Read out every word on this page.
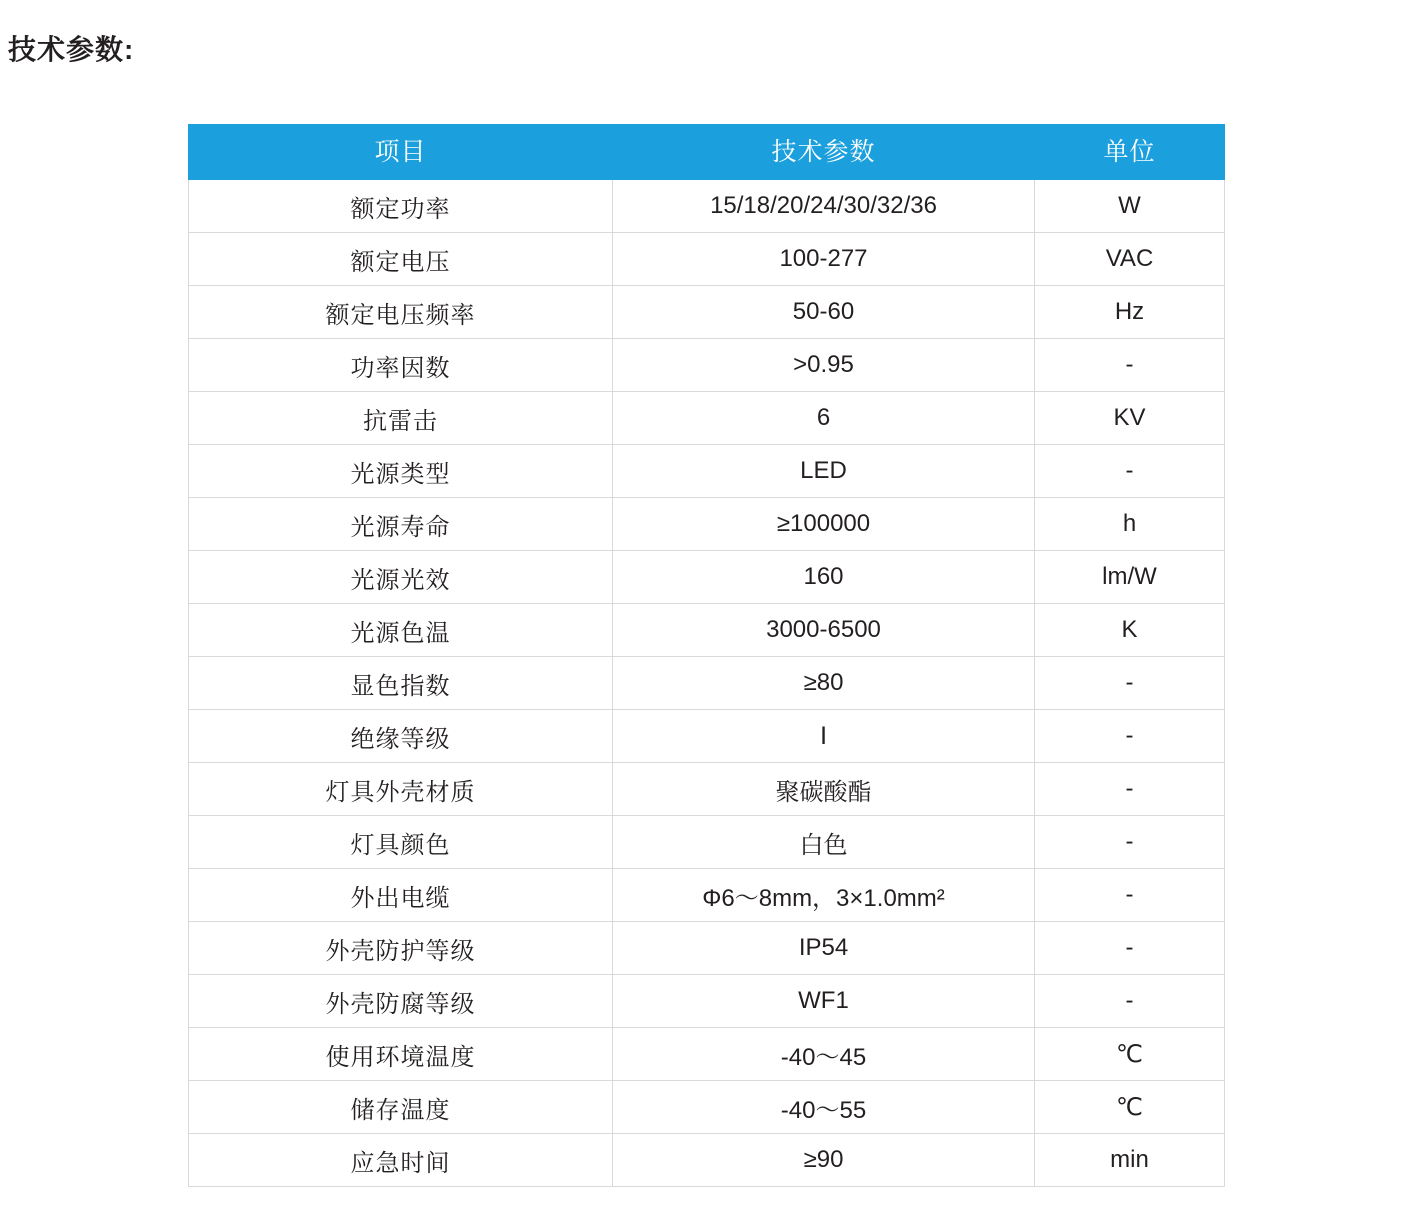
技术参数:
项目	技术参数	单位
额定功率	15/18/20/24/30/32/36	W
额定电压	100-277	VAC
额定电压频率	50-60	Hz
功率因数	>0.95	-
抗雷击	6	KV
光源类型	LED	-
光源寿命	≥100000	h
光源光效	160	lm/W
光源色温	3000-6500	K
显色指数	≥80	-
绝缘等级	Ⅰ	-
灯具外壳材质	聚碳酸酯	-
灯具颜色	白色	-
外出电缆	Φ6～8mm，3×1.0mm²	-
外壳防护等级	IP54	-
外壳防腐等级	WF1	-
使用环境温度	-40～45	℃
储存温度	-40～55	℃
应急时间	≥90	min
